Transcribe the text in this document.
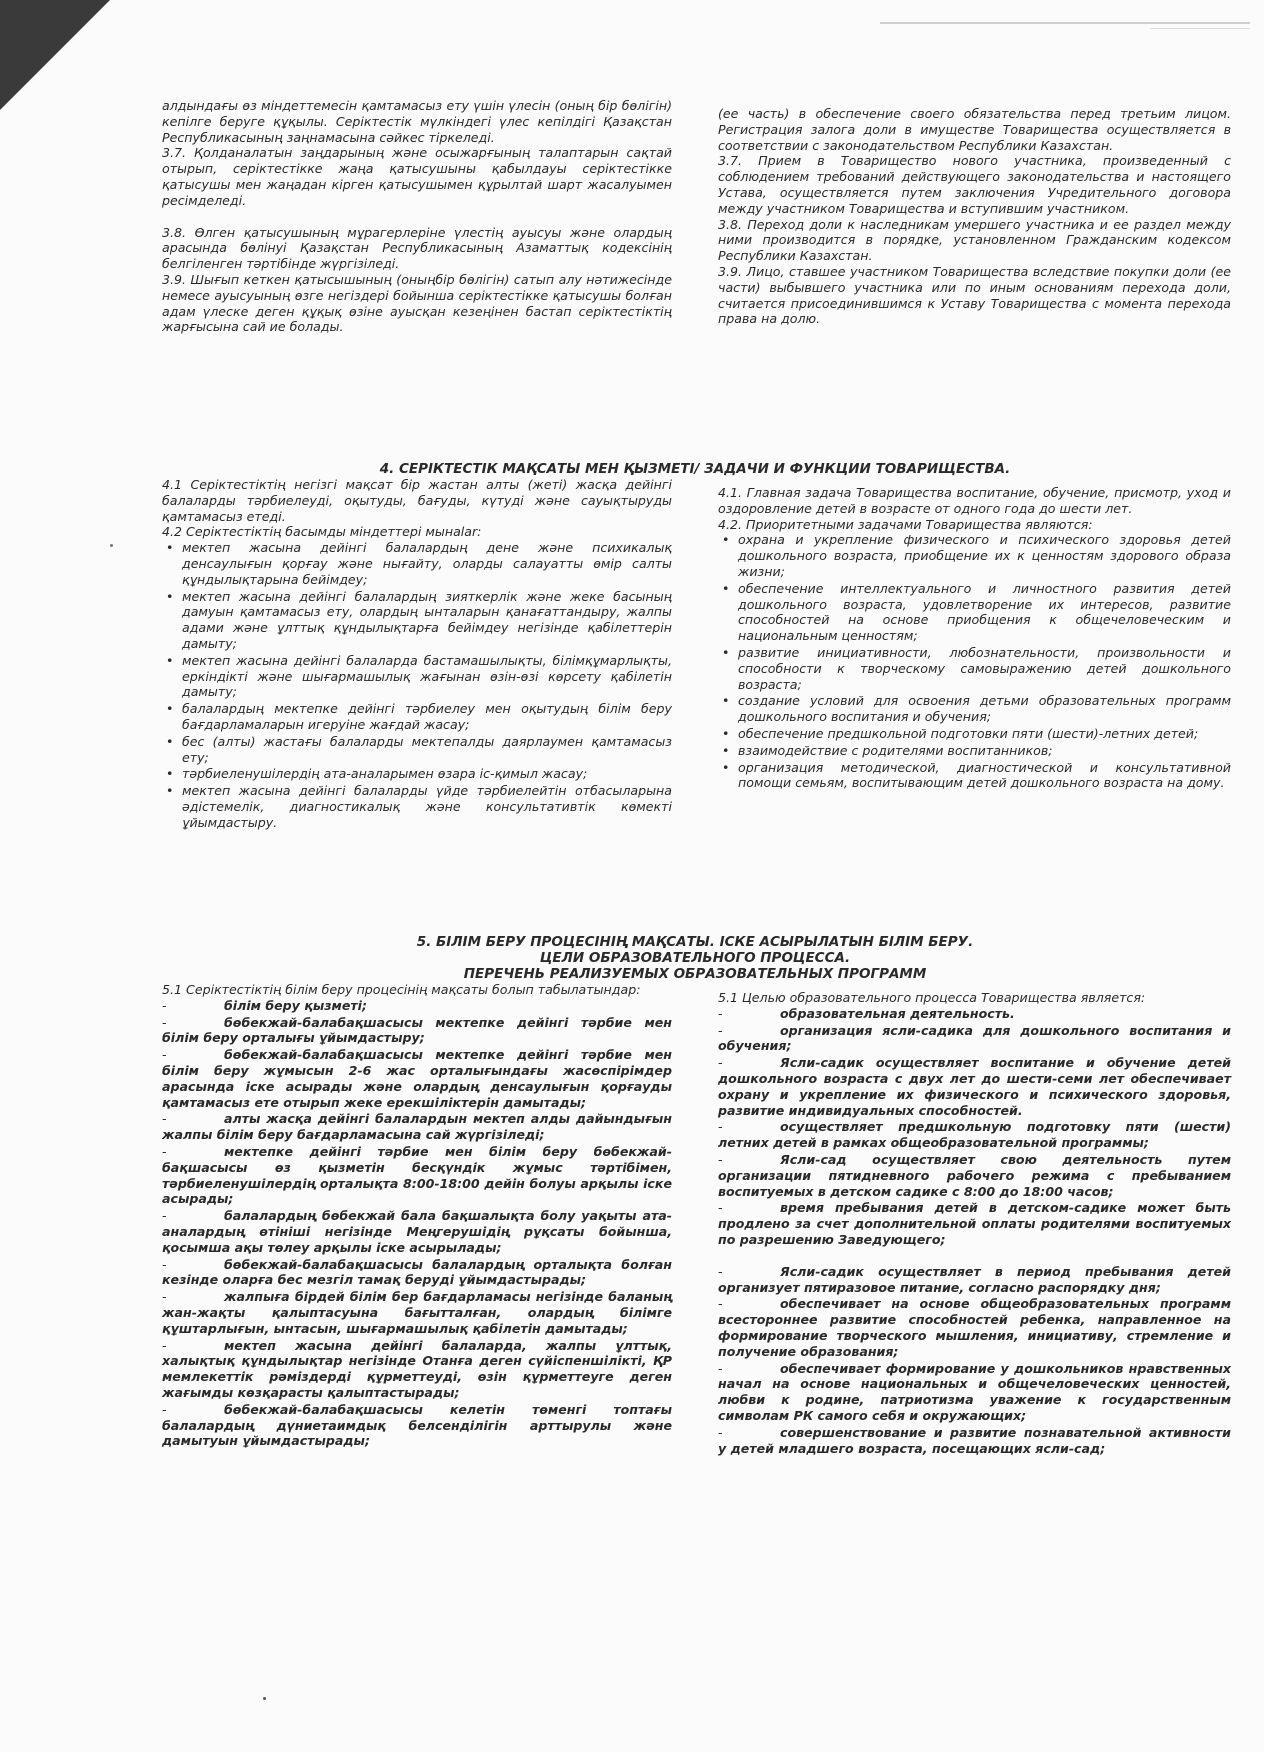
алдындағы өз міндеттемесін қамтамасыз ету үшін үлесін (оның бір бөлігін) кепілге беруге құқылы. Серіктестік мүлкіндегі үлес кепілдігі Қазақстан Республикасының заңнамасына сәйкес тіркеледі.

3.7. Қолданалатын заңдарының және осыжарғының талаптарын сақтай отырып, серіктестікке жаңа қатысушыны қабылдауы серіктестікке қатысушы мен жаңадан кірген қатысушымен құрылтай шарт жасалуымен ресімделеді.

3.8. Өлген қатысушының мұрагерлеріне үлестің ауысуы және олардың арасында бөлінуі Қазақстан Республикасының Азаматтық кодексінің белгіленген тәртібінде жүргізіледі.

3.9. Шығып кеткен қатысышының (оныңбір бөлігін) сатып алу нәтижесінде немесе ауысуының өзге негіздері бойынша серіктестікке қатысушы болған адам үлеске деген құқық өзіне ауысқан кезеңінен бастап серіктестіктің жарғысына сай ие болады.

(ее часть) в обеспечение своего обязательства перед третьим лицом. Регистрация залога доли в имуществе Товарищества осуществляется в соответствии с законодательством Республики Казахстан.

3.7. Прием в Товарищество нового участника, произведенный с соблюдением требований действующего законодательства и настоящего Устава, осуществляется путем заключения Учредительного договора между участником Товарищества и вступившим участником.

3.8. Переход доли к наследникам умершего участника и ее раздел между ними производится в порядке, установленном Гражданским кодексом Республики Казахстан.

3.9. Лицо, ставшее участником Товарищества вследствие покупки доли (ее части) выбывшего участника или по иным основаниям перехода доли, считается присоединившимся к Уставу Товарищества с момента перехода права на долю.

4. СЕРІКТЕСТІК МАҚСАТЫ МЕН ҚЫЗМЕТІ/ ЗАДАЧИ И ФУНКЦИИ ТОВАРИЩЕСТВА.

4.1 Серіктестіктің негізгі мақсат бір жастан алты (жеті) жасқа дейінгі балаларды тәрбиелеуді, оқытуды, бағуды, күтуді және сауықтыруды қамтамасыз етеді.

4.2 Серіктестіктің басымды міндеттері мынalar:

• мектеп жасына дейінгі балалардың дене және психикалық денсаулығын қорғау және нығайту, оларды салауатты өмір салты құндылықтарына бейімдеу;
• мектеп жасына дейінгі балалардың зияткерлік және жеке басының дамуын қамтамасыз ету, олардың ынталарын қанағаттандыру, жалпы адами және ұлттық құндылықтарға бейімдеу негізінде қабілеттерін дамыту;
• мектеп жасына дейінгі балаларда бастамашылықты, білімқұмарлықты, еркіндікті және шығармашылық жағынан өзін-өзі көрсету қабілетін дамыту;
• балалардың мектепке дейінгі тәрбиелеу мен оқытудың білім беру бағдарламаларын игеруіне жағдай жасау;
• бес (алты) жастағы балаларды мектепалды даярлаумен қамтамасыз ету;
• тәрбиеленушілердің ата-аналарымен өзара іс-қимыл жасау;
• мектеп жасына дейінгі балаларды үйде тәрбиелейтін отбасыларына әдістемелік, диагностикалық және консультативтік көмекті ұйымдастыру.

4.1. Главная задача Товарищества воспитание, обучение, присмотр, уход и оздоровление детей в возрасте от одного года до шести лет.

4.2. Приоритетными задачами Товарищества являются:

• охрана и укрепление физического и психического здоровья детей дошкольного возраста, приобщение их к ценностям здорового образа жизни;
• обеспечение интеллектуального и личностного развития детей дошкольного возраста, удовлетворение их интересов, развитие способностей на основе приобщения к общечеловеческим и национальным ценностям;
• развитие инициативности, любознательности, произвольности и способности к творческому самовыражению детей дошкольного возраста;
• создание условий для освоения детьми образовательных программ дошкольного воспитания и обучения;
• обеспечение предшкольной подготовки пяти (шести)-летних детей;
• взаимодействие с родителями воспитанников;
• организация методической, диагностической и консультативной помощи семьям, воспитывающим детей дошкольного возраста на дому.
5. БІЛІМ БЕРУ ПРОЦЕСІНІҢ МАҚСАТЫ. ІСКЕ АСЫРЫЛАТЫН БІЛІМ БЕРУ.
ЦЕЛИ ОБРАЗОВАТЕЛЬНОГО ПРОЦЕССА.
ПЕРЕЧЕНЬ РЕАЛИЗУЕМЫХ ОБРАЗОВАТЕЛЬНЫХ ПРОГРАММ

5.1 Серіктестіктің білім беру процесінің мақсаты болып табылатындар:

- білім беру қызметі;
- бөбекжай-балабақшасысы мектепке дейінгі тәрбие мен білім беру орталығы ұйымдастыру;
- бөбекжай-балабақшасысы мектепке дейінгі тәрбие мен білім беру жұмысын 2-6 жас орталығындағы жасөспірімдер арасында іске асырады және олардың денсаулығын қорғауды қамтамасыз ете отырып жеке ерекшіліктерін дамытады;
- алты жасқа дейінгі балалардын мектеп алды дайындығын жалпы білім беру бағдарламасына сай жүргізіледі;
- мектепке дейінгі тәрбие мен білім беру бөбекжай-бақшасысы өз қызметін бесқүндік жұмыс тәртібімен, тәрбиеленушілердің орталықта 8:00-18:00 дейін болуы арқылы іске асырады;
- балалардың бөбекжай бала бақшалықта болу уақыты ата-аналардың өтініші негізінде Меңгерушідің рұқсаты бойынша, қосымша ақы төлеу арқылы іске асырылады;
- бөбекжай-балабақшасысы балалардың орталықта болған кезінде оларға бес мезгіл тамақ беруді ұйымдастырады;
- жалпыға бірдей білім бер бағдарламасы негізінде баланың жан-жақты қалыптасуына бағытталған, олардың білімге құштарлығын, ынтасын, шығармашылық қабілетін дамытады;
- мектеп жасына дейінгі балаларда, жалпы ұлттық, халықтық құндылықтар негізінде Отанға деген сүйіспеншілікті, ҚР мемлекеттік рәміздерді құрметтеуді, өзін құрметтеуге деген жағымды көзқарасты қалыптастырады;
- бөбекжай-балабақшасысы келетін төменгі топтағы балалардың дүниетаимдық белсенділігін арттырулы және дамытуын ұйымдастырады;

5.1 Целью образовательного процесса Товарищества является:

- образовательная деятельность.
- организация ясли-садика для дошкольного воспитания и обучения;
- Ясли-садик осуществляет воспитание и обучение детей дошкольного возраста с двух лет до шести-семи лет обеспечивает охрану и укрепление их физического и психического здоровья, развитие индивидуальных способностей.
- осуществляет предшкольную подготовку пяти (шести) летних детей в рамках общеобразовательной программы;
- Ясли-сад осуществляет свою деятельность путем организации пятидневного рабочего режима с пребыванием воспитуемых в детском садике с 8:00 до 18:00 часов;
- время пребывания детей в детском-садике может быть продлено за счет дополнительной оплаты родителями воспитуемых по разрешению Заведующего;
- Ясли-садик осуществляет в период пребывания детей организует пятиразовое питание, согласно распорядку дня;
- обеспечивает на основе общеобразовательных программ всестороннее развитие способностей ребенка, направленное на формирование творческого мышления, инициативу, стремление и получение образования;
- обеспечивает формирование у дошкольников нравственных начал на основе национальных и общечеловеческих ценностей, любви к родине, патриотизма уважение к государственным символам РК самого себя и окружающих;
- совершенствование и развитие познавательной активности у детей младшего возраста, посещающих ясли-сад;
